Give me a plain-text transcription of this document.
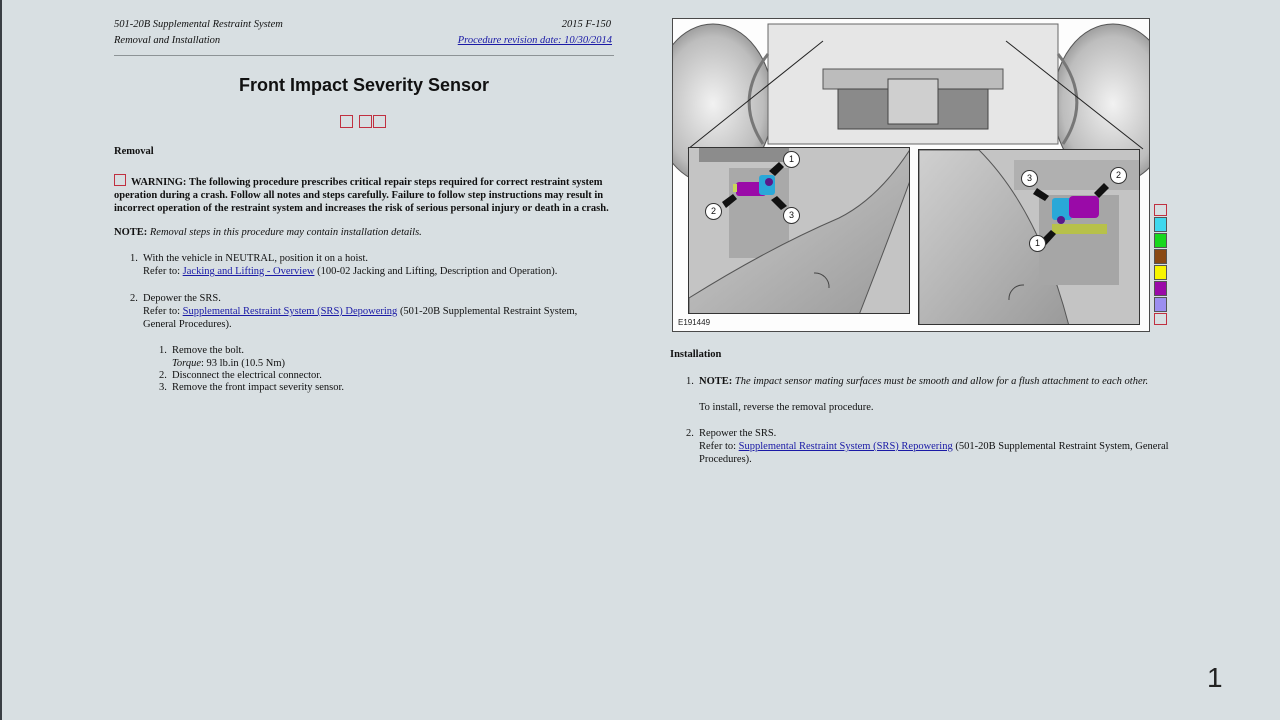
501-20B Supplemental Restraint System
Removal and Installation
2015 F-150
Procedure revision date: 10/30/2014
Front Impact Severity Sensor
Removal
WARNING: The following procedure prescribes critical repair steps required for correct restraint system operation during a crash. Follow all notes and steps carefully. Failure to follow step instructions may result in incorrect operation of the restraint system and increases the risk of serious personal injury or death in a crash.
NOTE: Removal steps in this procedure may contain installation details.
1. With the vehicle in NEUTRAL, position it on a hoist.
Refer to: Jacking and Lifting - Overview (100-02 Jacking and Lifting, Description and Operation).
2. Depower the SRS.
Refer to: Supplemental Restraint System (SRS) Depowering (501-20B Supplemental Restraint System, General Procedures).
1. Remove the bolt.
Torque: 93 lb.in (10.5 Nm)
2. Disconnect the electrical connector.
3. Remove the front impact severity sensor.
1
2	3
3	2
1
E191449
Installation
1. NOTE: The impact sensor mating surfaces must be smooth and allow for a flush attachment to each other.
To install, reverse the removal procedure.
2. Repower the SRS.
Refer to: Supplemental Restraint System (SRS) Repowering (501-20B Supplemental Restraint System, General Procedures).
1
